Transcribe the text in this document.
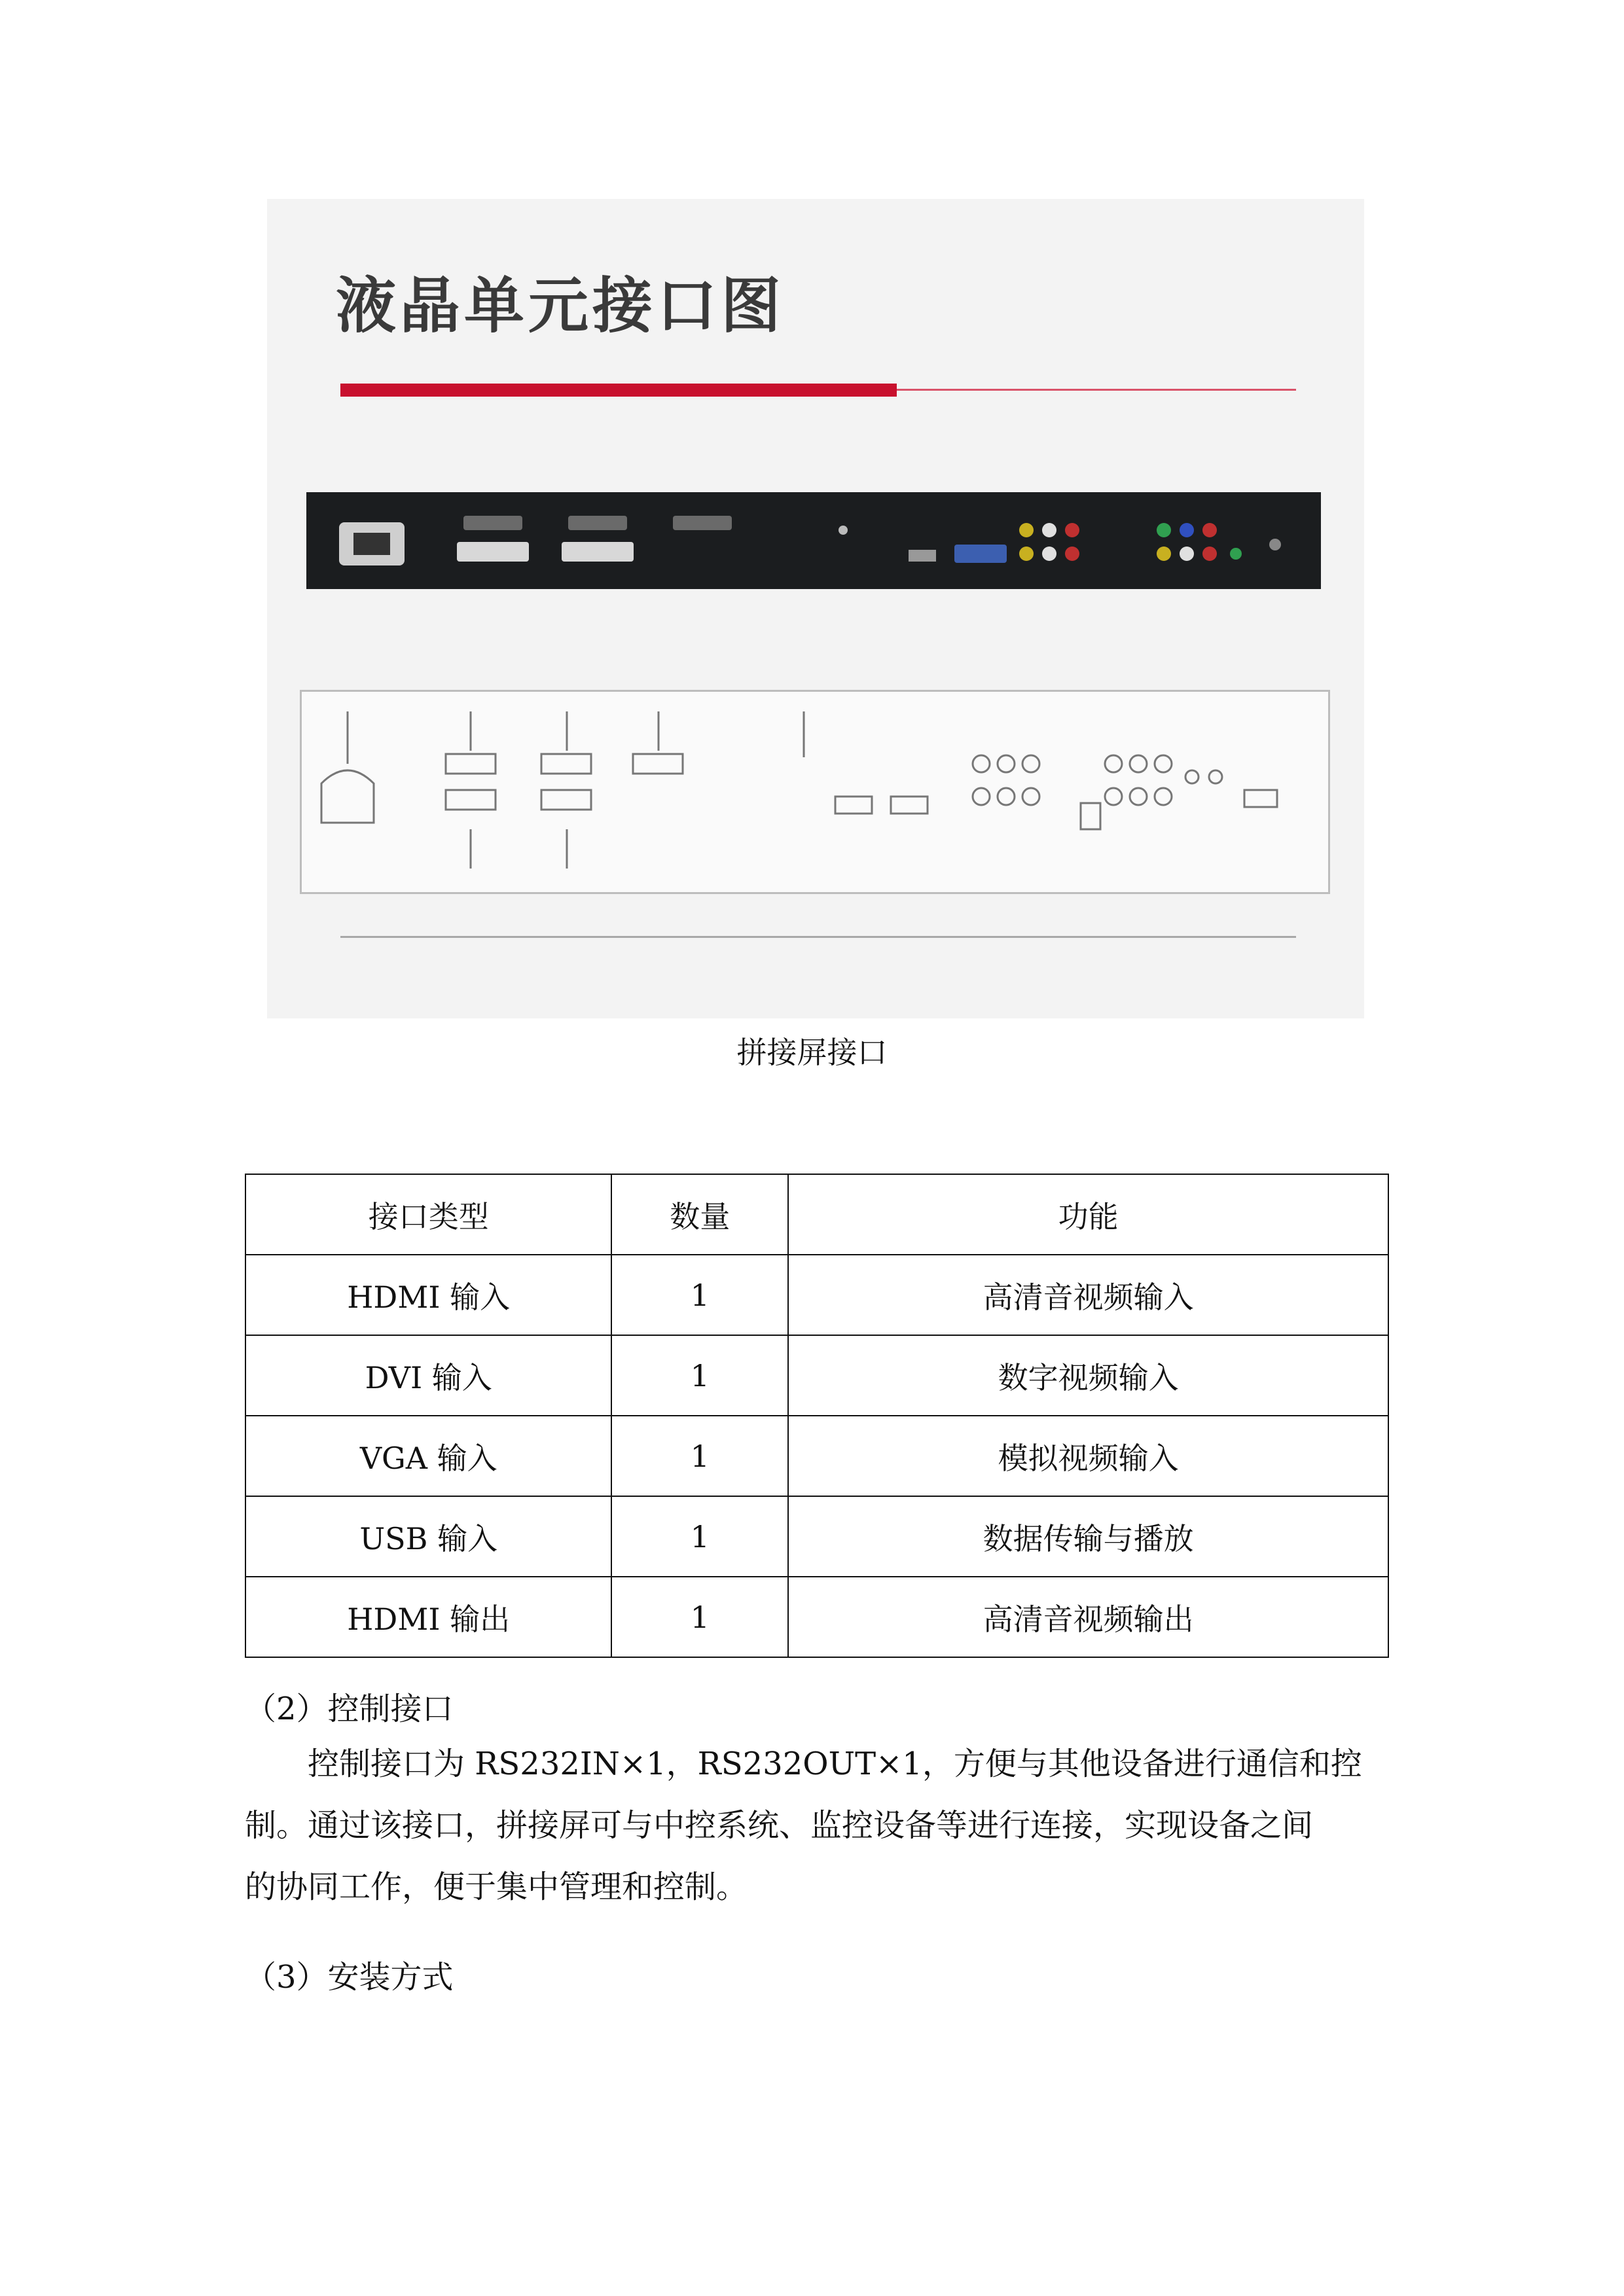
液晶单元接口图
拼接屏接口
接口类型	数量	功能
HDMI 输入	1	高清音视频输入
DVI 输入	1	数字视频输入
VGA 输入	1	模拟视频输入
USB 输入	1	数据传输与播放
HDMI 输出	1	高清音视频输出
（2）控制接口
控制接口为 RS232IN×1，RS232OUT×1，方便与其他设备进行通信和控
制。通过该接口，拼接屏可与中控系统、监控设备等进行连接，实现设备之间
的协同工作，便于集中管理和控制。
（3）安装方式
